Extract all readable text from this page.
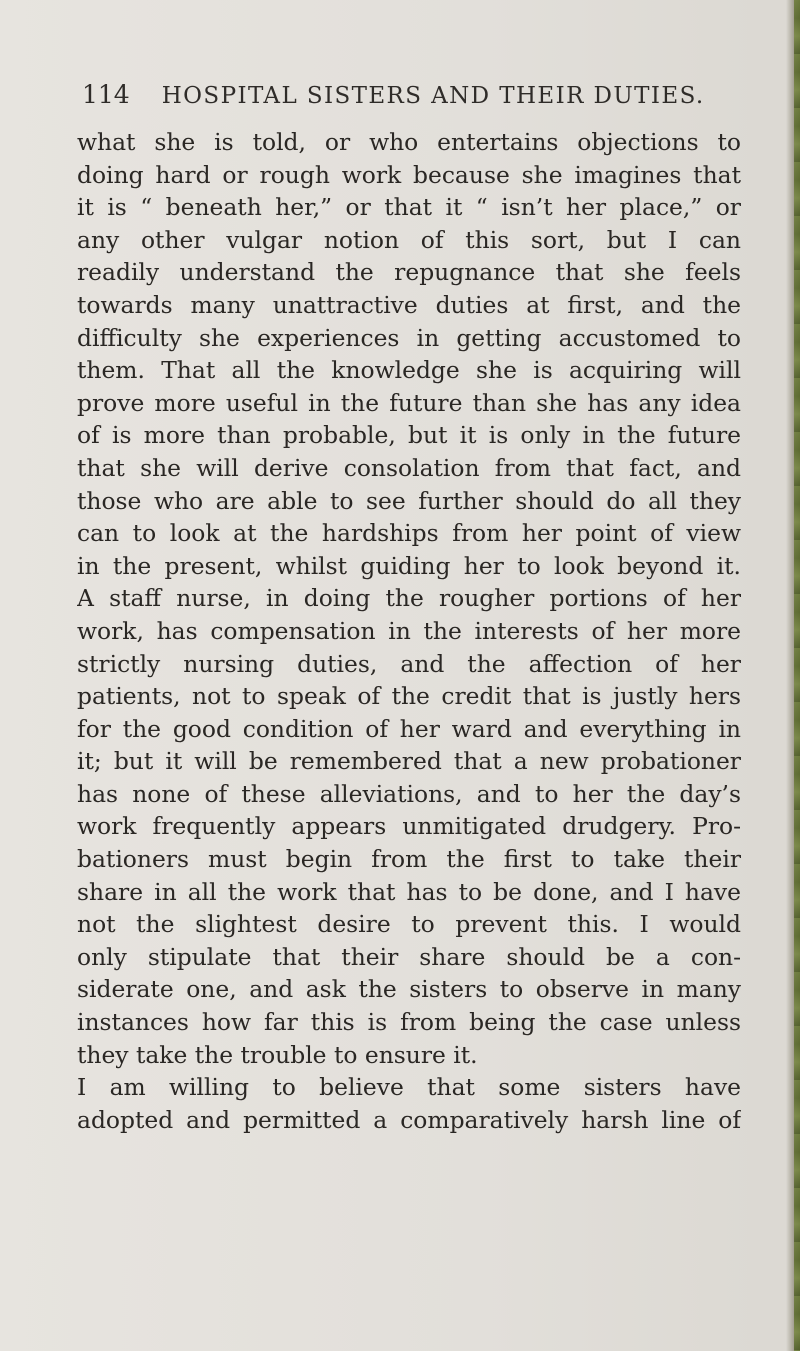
114 HOSPITAL SISTERS AND THEIR DUTIES.
what she is told, or who entertains objections to
doing hard or rough work because she imagines that
it is “ beneath her,” or that it “ isn’t her place,” or
any other vulgar notion of this sort, but I can
readily understand the repugnance that she feels
towards many unattractive duties at first, and the
difficulty she experiences in getting accustomed to
them. That all the knowledge she is acquiring will
prove more useful in the future than she has any idea
of is more than probable, but it is only in the future
that she will derive consolation from that fact, and
those who are able to see further should do all they
can to look at the hardships from her point of view
in the present, whilst guiding her to look beyond it.
A staff nurse, in doing the rougher portions of her
work, has compensation in the interests of her more
strictly nursing duties, and the affection of her
patients, not to speak of the credit that is justly hers
for the good condition of her ward and everything in
it; but it will be remembered that a new probationer
has none of these alleviations, and to her the day’s
work frequently appears unmitigated drudgery. Pro-
bationers must begin from the first to take their
share in all the work that has to be done, and I have
not the slightest desire to prevent this. I would
only stipulate that their share should be a con-
siderate one, and ask the sisters to observe in many
instances how far this is from being the case unless
they take the trouble to ensure it.
I am willing to believe that some sisters have
adopted and permitted a comparatively harsh line of
